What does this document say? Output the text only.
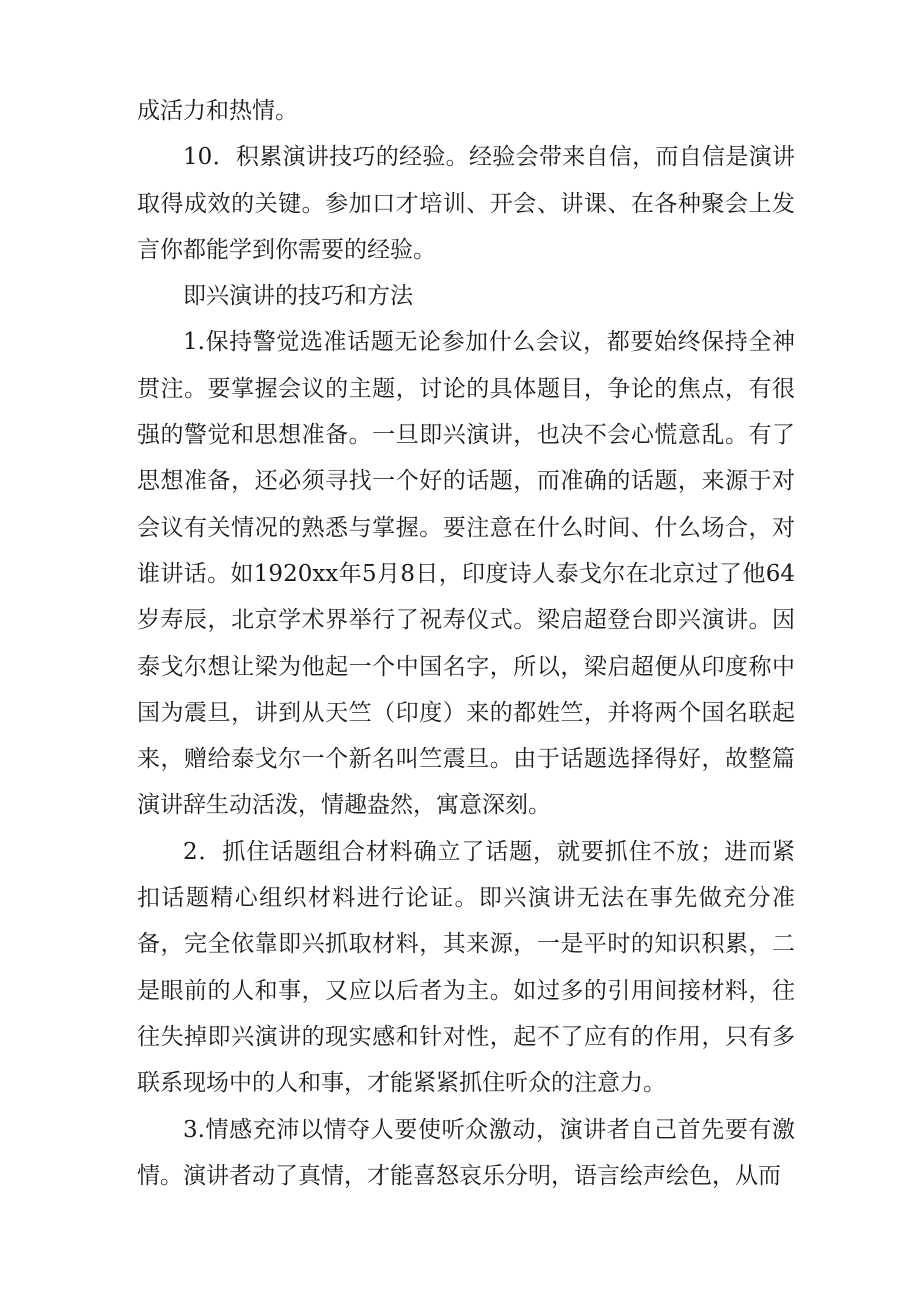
成活力和热情。

10．积累演讲技巧的经验。经验会带来自信，而自信是演讲取得成效的关键。参加口才培训、开会、讲课、在各种聚会上发言你都能学到你需要的经验。

即兴演讲的技巧和方法

1.保持警觉选准话题无论参加什么会议，都要始终保持全神贯注。要掌握会议的主题，讨论的具体题目，争论的焦点，有很强的警觉和思想准备。一旦即兴演讲，也决不会心慌意乱。有了思想准备，还必须寻找一个好的话题，而准确的话题，来源于对会议有关情况的熟悉与掌握。要注意在什么时间、什么场合，对谁讲话。如1920xx年5月8日，印度诗人泰戈尔在北京过了他64岁寿辰，北京学术界举行了祝寿仪式。梁启超登台即兴演讲。因泰戈尔想让梁为他起一个中国名字，所以，梁启超便从印度称中国为震旦，讲到从天竺（印度）来的都姓竺，并将两个国名联起来，赠给泰戈尔一个新名叫竺震旦。由于话题选择得好，故整篇演讲辞生动活泼，情趣盎然，寓意深刻。

2．抓住话题组合材料确立了话题，就要抓住不放；进而紧扣话题精心组织材料进行论证。即兴演讲无法在事先做充分准备，完全依靠即兴抓取材料，其来源，一是平时的知识积累，二是眼前的人和事，又应以后者为主。如过多的引用间接材料，往往失掉即兴演讲的现实感和针对性，起不了应有的作用，只有多联系现场中的人和事，才能紧紧抓住听众的注意力。

3.情感充沛以情夺人要使听众激动，演讲者自己首先要有激情。演讲者动了真情，才能喜怒哀乐分明，语言绘声绘色，从而
